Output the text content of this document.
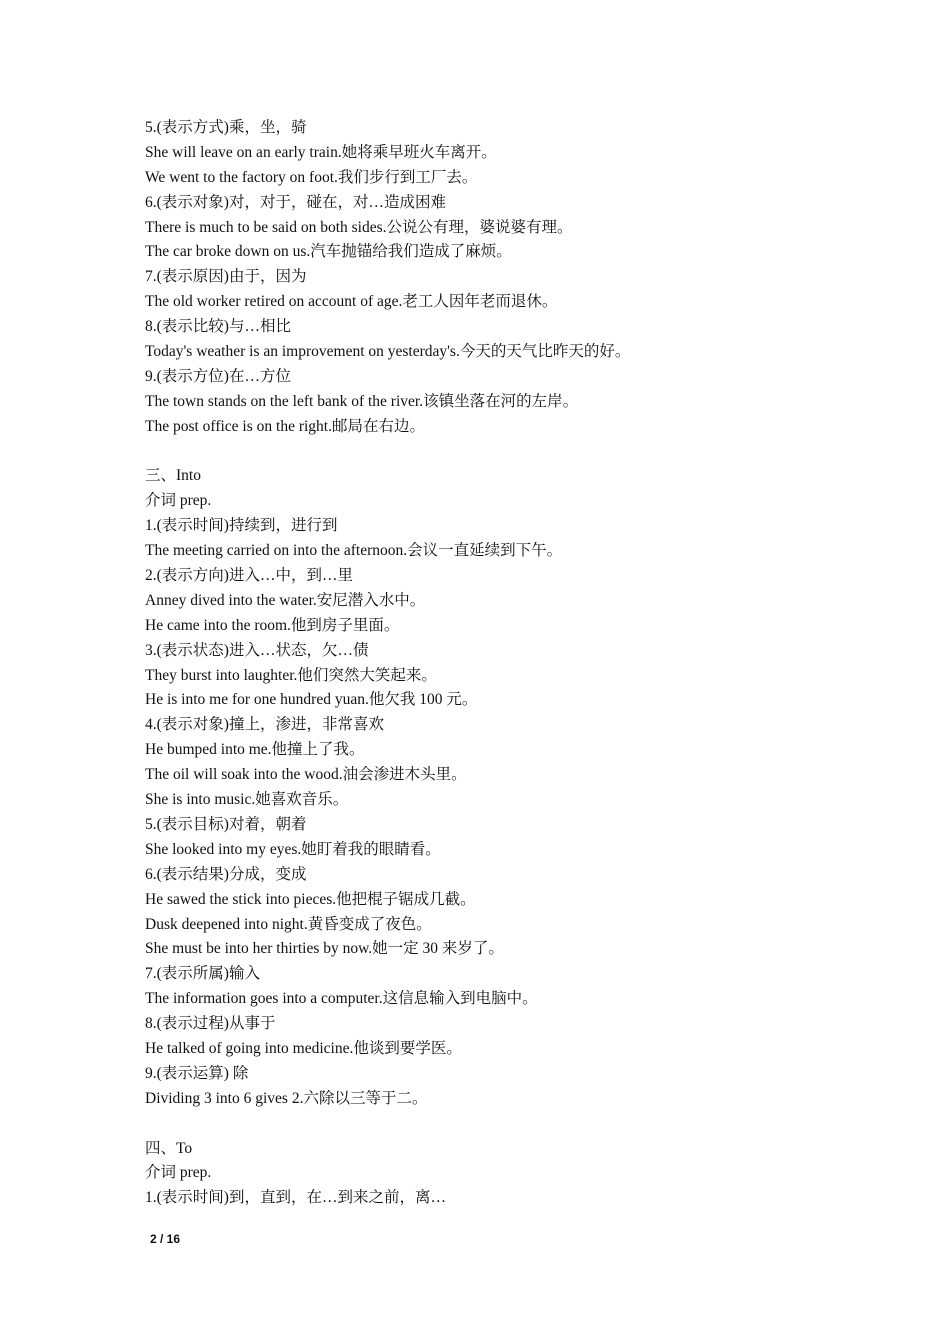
5.(表示方式)乘，坐，骑
She will leave on an early train.她将乘早班火车离开。
We went to the factory on foot.我们步行到工厂去。
6.(表示对象)对，对于，碰在，对…造成困难
There is much to be said on both sides.公说公有理，婆说婆有理。
The car broke down on us.汽车抛锚给我们造成了麻烦。
7.(表示原因)由于，因为
The old worker retired on account of age.老工人因年老而退休。
8.(表示比较)与…相比
Today's weather is an improvement on yesterday's.今天的天气比昨天的好。
9.(表示方位)在…方位
The town stands on the left bank of the river.该镇坐落在河的左岸。
The post office is on the right.邮局在右边。
三、Into
介词 prep.
1.(表示时间)持续到，进行到
The meeting carried on into the afternoon.会议一直延续到下午。
2.(表示方向)进入…中，到…里
Anney dived into the water.安尼潜入水中。
He came into the room.他到房子里面。
3.(表示状态)进入…状态，欠…债
They burst into laughter.他们突然大笑起来。
He is into me for one hundred yuan.他欠我 100 元。
4.(表示对象)撞上，渗进，非常喜欢
He bumped into me.他撞上了我。
The oil will soak into the wood.油会渗进木头里。
She is into music.她喜欢音乐。
5.(表示目标)对着，朝着
She looked into my eyes.她盯着我的眼睛看。
6.(表示结果)分成，变成
He sawed the stick into pieces.他把棍子锯成几截。
Dusk deepened into night.黄昏变成了夜色。
She must be into her thirties by now.她一定 30 来岁了。
7.(表示所属)输入
The information goes into a computer.这信息输入到电脑中。
8.(表示过程)从事于
He talked of going into medicine.他谈到要学医。
9.(表示运算) 除
Dividing 3 into 6 gives 2.六除以三等于二。
四、To
介词 prep.
1.(表示时间)到，直到，在…到来之前，离…
2 / 16
